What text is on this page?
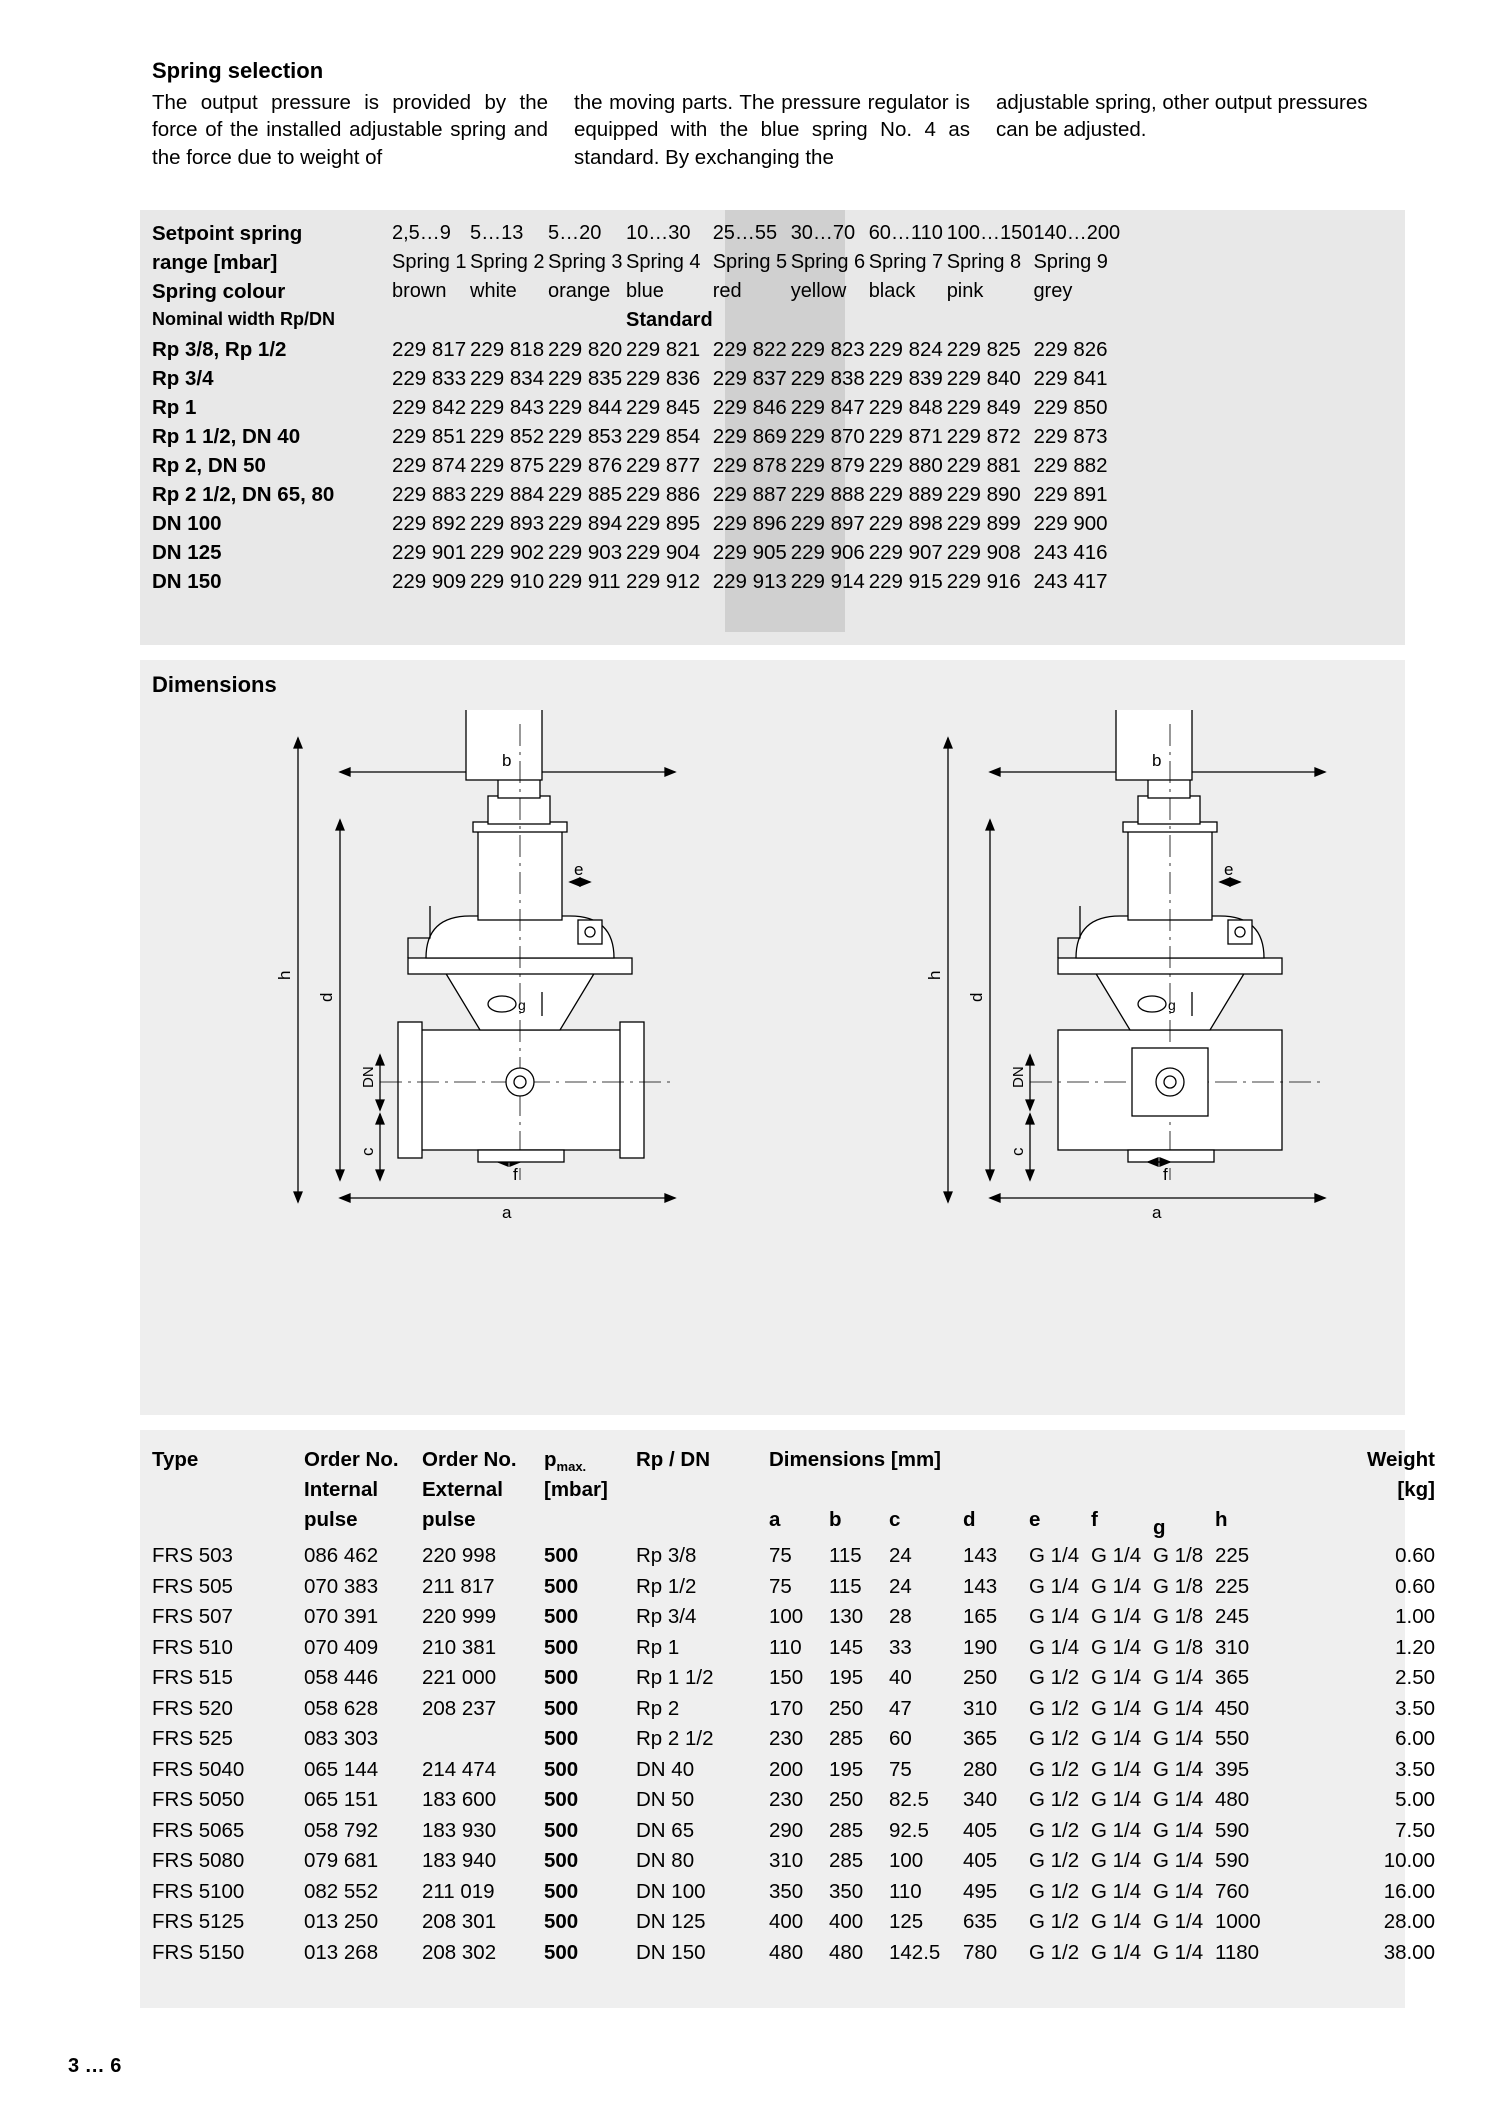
Spring selection
The output pressure is provided by the force of the installed adjustable spring and the force due to weight of
the moving parts. The pressure regulator is equipped with the blue spring No. 4 as standard. By exchanging the
adjustable spring, other output pressures can be adjusted.
Setpoint spring	2,5…9	5…13	5…20	10…30	25…55	30…70	60…110	100…150	140…200
range [mbar]	Spring 1	Spring 2	Spring 3	Spring 4	Spring 5	Spring 6	Spring 7	Spring 8	Spring 9
Spring colour	brown	white	orange	blue	red	yellow	black	pink	grey
Nominal width Rp/DN				Standard					
Rp 3/8, Rp 1/2	229 817	229 818	229 820	229 821	229 822	229 823	229 824	229 825	229 826
Rp 3/4	229 833	229 834	229 835	229 836	229 837	229 838	229 839	229 840	229 841
Rp 1	229 842	229 843	229 844	229 845	229 846	229 847	229 848	229 849	229 850
Rp 1 1/2, DN 40	229 851	229 852	229 853	229 854	229 869	229 870	229 871	229 872	229 873
Rp 2, DN 50	229 874	229 875	229 876	229 877	229 878	229 879	229 880	229 881	229 882
Rp 2 1/2, DN 65, 80	229 883	229 884	229 885	229 886	229 887	229 888	229 889	229 890	229 891
DN 100	229 892	229 893	229 894	229 895	229 896	229 897	229 898	229 899	229 900
DN 125	229 901	229 902	229 903	229 904	229 905	229 906	229 907	229 908	243 416
DN 150	229 909	229 910	229 911	229 912	229 913	229 914	229 915	229 916	243 417
Dimensions
b
h
d
a
DN
c
e
f
g
b
h
d
a
DN
c
e
f
g
Type	Order No.	Order No.	$p_{max.}$	Rp / DN	Dimensions [mm]								Weight
	Internal	External	[mbar]										[kg]
	pulse	pulse			a	b	c	d	e	f	g	h	
FRS 503	086 462	220 998	500	Rp 3/8	75	115	24	143	G 1/4	G 1/4	G 1/8	225	0.60
FRS 505	070 383	211 817	500	Rp 1/2	75	115	24	143	G 1/4	G 1/4	G 1/8	225	0.60
FRS 507	070 391	220 999	500	Rp 3/4	100	130	28	165	G 1/4	G 1/4	G 1/8	245	1.00
FRS 510	070 409	210 381	500	Rp 1	110	145	33	190	G 1/4	G 1/4	G 1/8	310	1.20
FRS 515	058 446	221 000	500	Rp 1 1/2	150	195	40	250	G 1/2	G 1/4	G 1/4	365	2.50
FRS 520	058 628	208 237	500	Rp 2	170	250	47	310	G 1/2	G 1/4	G 1/4	450	3.50
FRS 525	083 303		500	Rp 2 1/2	230	285	60	365	G 1/2	G 1/4	G 1/4	550	6.00
FRS 5040	065 144	214 474	500	DN 40	200	195	75	280	G 1/2	G 1/4	G 1/4	395	3.50
FRS 5050	065 151	183 600	500	DN 50	230	250	82.5	340	G 1/2	G 1/4	G 1/4	480	5.00
FRS 5065	058 792	183 930	500	DN 65	290	285	92.5	405	G 1/2	G 1/4	G 1/4	590	7.50
FRS 5080	079 681	183 940	500	DN 80	310	285	100	405	G 1/2	G 1/4	G 1/4	590	10.00
FRS 5100	082 552	211 019	500	DN 100	350	350	110	495	G 1/2	G 1/4	G 1/4	760	16.00
FRS 5125	013 250	208 301	500	DN 125	400	400	125	635	G 1/2	G 1/4	G 1/4	1000	28.00
FRS 5150	013 268	208 302	500	DN 150	480	480	142.5	780	G 1/2	G 1/4	G 1/4	1180	38.00
3 … 6
